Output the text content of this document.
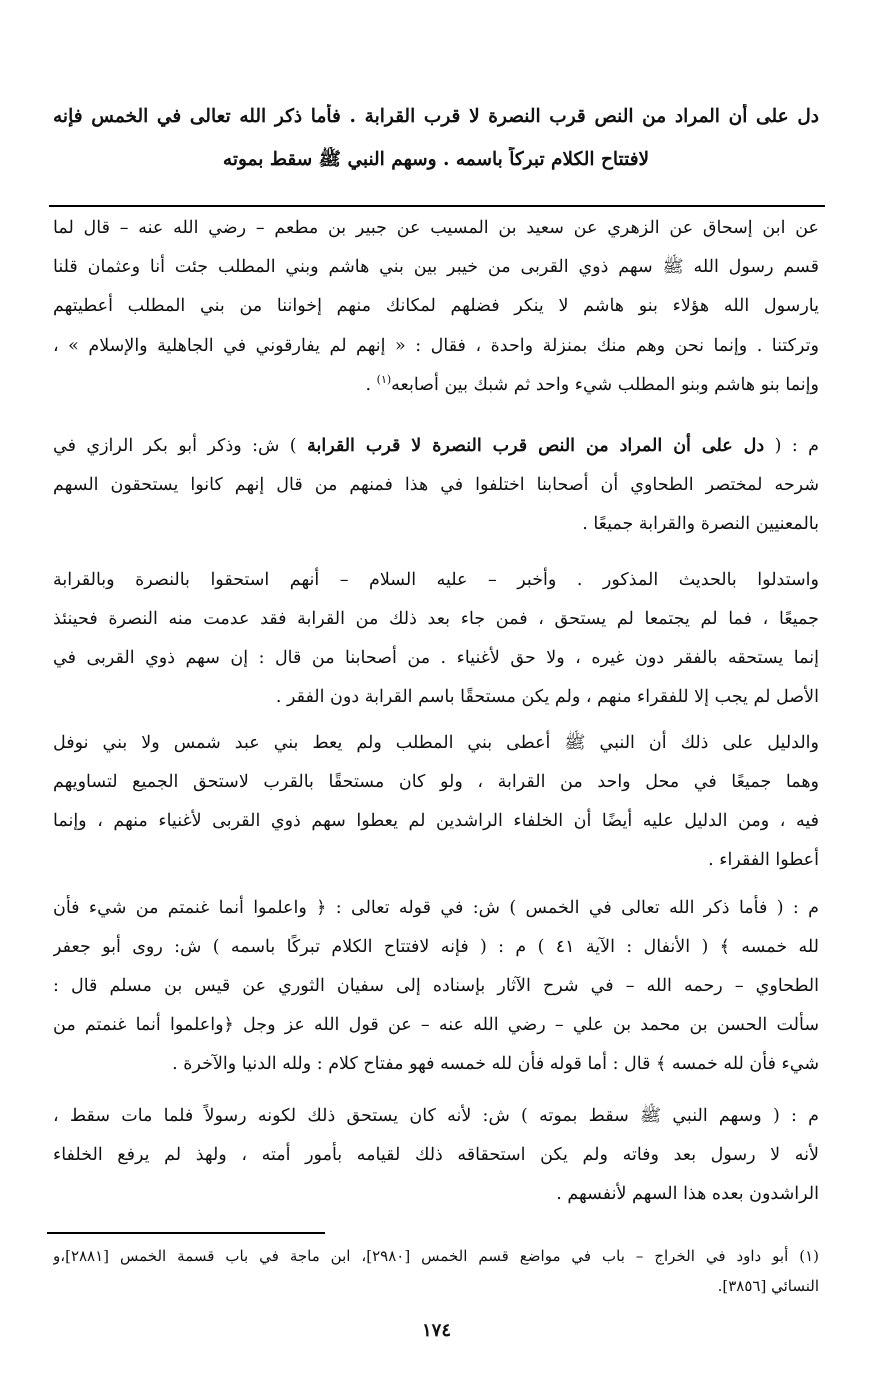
دل على أن المراد من النص قرب النصرة لا قرب القرابة . فأما ذكر الله تعالى في الخمس فإنه
لافتتاح الكلام تبركاً باسمه . وسهم النبي ﷺ سقط بموته
عن ابن إسحاق عن الزهري عن سعيد بن المسيب عن جبير بن مطعم – رضي الله عنه – قال لما
قسم رسول الله ﷺ سهم ذوي القربى من خيبر بين بني هاشم وبني المطلب جئت أنا وعثمان قلنا
يارسول الله هؤلاء بنو هاشم لا ينكر فضلهم لمكانك منهم إخواننا من بني المطلب أعطيتهم
وتركتنا . وإنما نحن وهم منك بمنزلة واحدة ، فقال : « إنهم لم يفارقوني في الجاهلية والإسلام » ،
وإنما بنو هاشم وبنو المطلب شيء واحد ثم شبك بين أصابعه$^{(١)}$ .
م : ( دل على أن المراد من النص قرب النصرة لا قرب القرابة ) ش: وذكر أبو بكر الرازي في
شرحه لمختصر الطحاوي أن أصحابنا اختلفوا في هذا فمنهم من قال إنهم كانوا يستحقون السهم
بالمعنيين النصرة والقرابة جميعًا .
واستدلوا بالحديث المذكور . وأخبر – عليه السلام – أنهم استحقوا بالنصرة وبالقرابة
جميعًا ، فما لم يجتمعا لم يستحق ، فمن جاء بعد ذلك من القرابة فقد عدمت منه النصرة فحينئذ
إنما يستحقه بالفقر دون غيره ، ولا حق لأغنياء . من أصحابنا من قال : إن سهم ذوي القربى في
الأصل لم يجب إلا للفقراء منهم ، ولم يكن مستحقًا باسم القرابة دون الفقر .
والدليل على ذلك أن النبي ﷺ أعطى بني المطلب ولم يعط بني عبد شمس ولا بني نوفل
وهما جميعًا في محل واحد من القرابة ، ولو كان مستحقًا بالقرب لاستحق الجميع لتساويهم
فيه ، ومن الدليل عليه أيضًا أن الخلفاء الراشدين لم يعطوا سهم ذوي القربى لأغنياء منهم ، وإنما
أعطوا الفقراء .
م : ( فأما ذكر الله تعالى في الخمس ) ش: في قوله تعالى : ﴿ واعلموا أنما غنمتم من شيء فأن
لله خمسه ﴾ ( الأنفال : الآية ٤١ ) م : ( فإنه لافتتاح الكلام تبركًا باسمه ) ش: روى أبو جعفر
الطحاوي – رحمه الله – في شرح الآثار بإسناده إلى سفيان الثوري عن قيس بن مسلم قال :
سألت الحسن بن محمد بن علي – رضي الله عنه – عن قول الله عز وجل ﴿واعلموا أنما غنمتم من
شيء فأن لله خمسه ﴾ قال : أما قوله فأن لله خمسه فهو مفتاح كلام : ولله الدنيا والآخرة .
م : ( وسهم النبي ﷺ سقط بموته ) ش: لأنه كان يستحق ذلك لكونه رسولاً فلما مات سقط ،
لأنه لا رسول بعد وفاته ولم يكن استحقاقه ذلك لقيامه بأمور أمته ، ولهذ لم يرفع الخلفاء
الراشدون بعده هذا السهم لأنفسهم .
(١) أبو داود في الخراج – باب في مواضع قسم الخمس [٢٩٨٠]، ابن ماجة في باب قسمة الخمس [٢٨٨١]،و
النسائي [٣٨٥٦].
١٧٤
